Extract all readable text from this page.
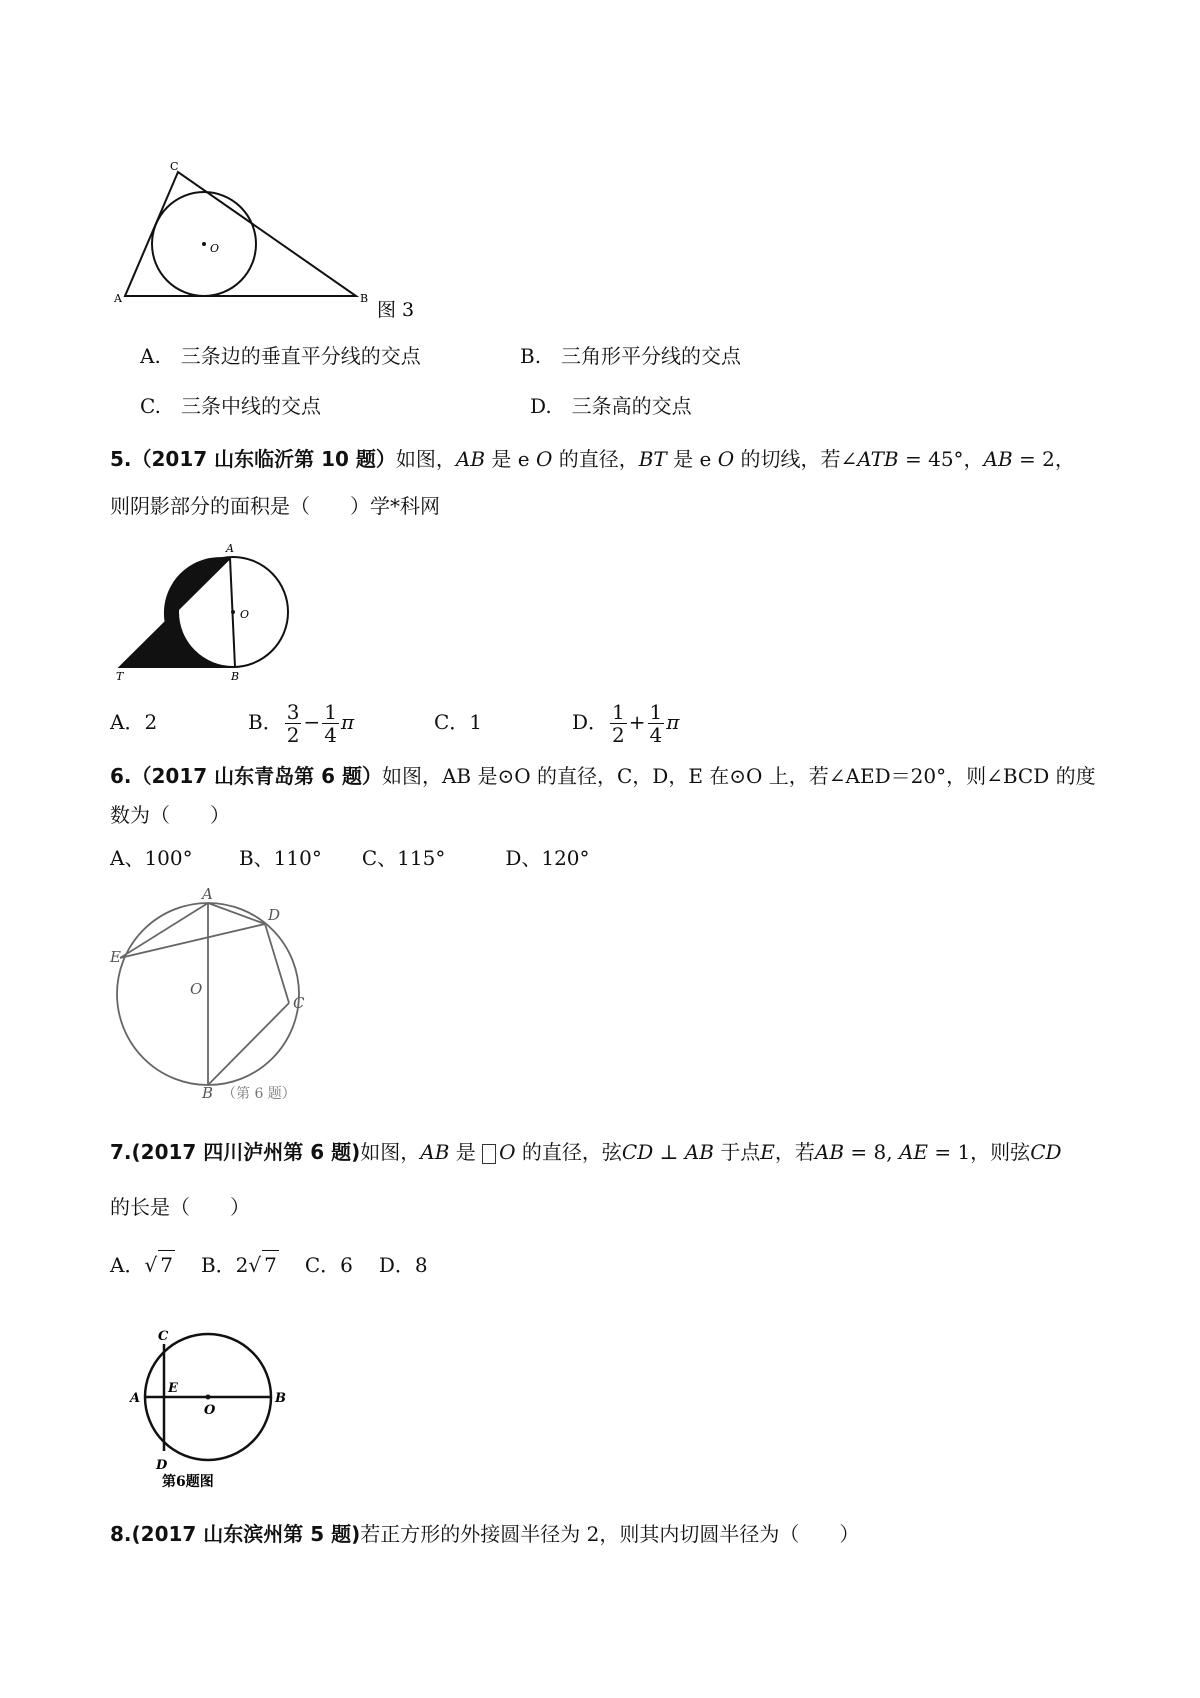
C
A	B
O
图 3
A.　三条边的垂直平分线的交点	B.　三角形平分线的交点
C.　三条中线的交点	D.　三条高的交点
5.（2017 山东临沂第 10 题）如图，AB 是 e O 的直径，BT 是 e O 的切线，若∠ATB = 45°，AB = 2，
则阴影部分的面积是（　　）学*科网
A
O
T	B
A．2	B． $\frac{3}{2} - \frac{1}{4}$ π	C．1	D． $\frac{1}{2} + \frac{1}{4}$ π
6.（2017 山东青岛第 6 题）如图，AB 是⊙O 的直径，C，D，E 在⊙O 上，若∠AED＝20°，则∠BCD 的度
数为（　　）
A、100°　　 B、110°　　C、115°　　　D、120°
A
D
E
O
C
B （第 6 题）
7.(2017 四川泸州第 6 题)如图，AB 是 O 的直径，弦CD ⊥ AB 于点E，若AB = 8, AE = 1，则弦CD
的长是（　　）
A．√ 7 B．2√ 7 C．6 D．8
C
A
E
O
B
D
第6题图
8.(2017 山东滨州第 5 题)若正方形的外接圆半径为 2，则其内切圆半径为（　　）
